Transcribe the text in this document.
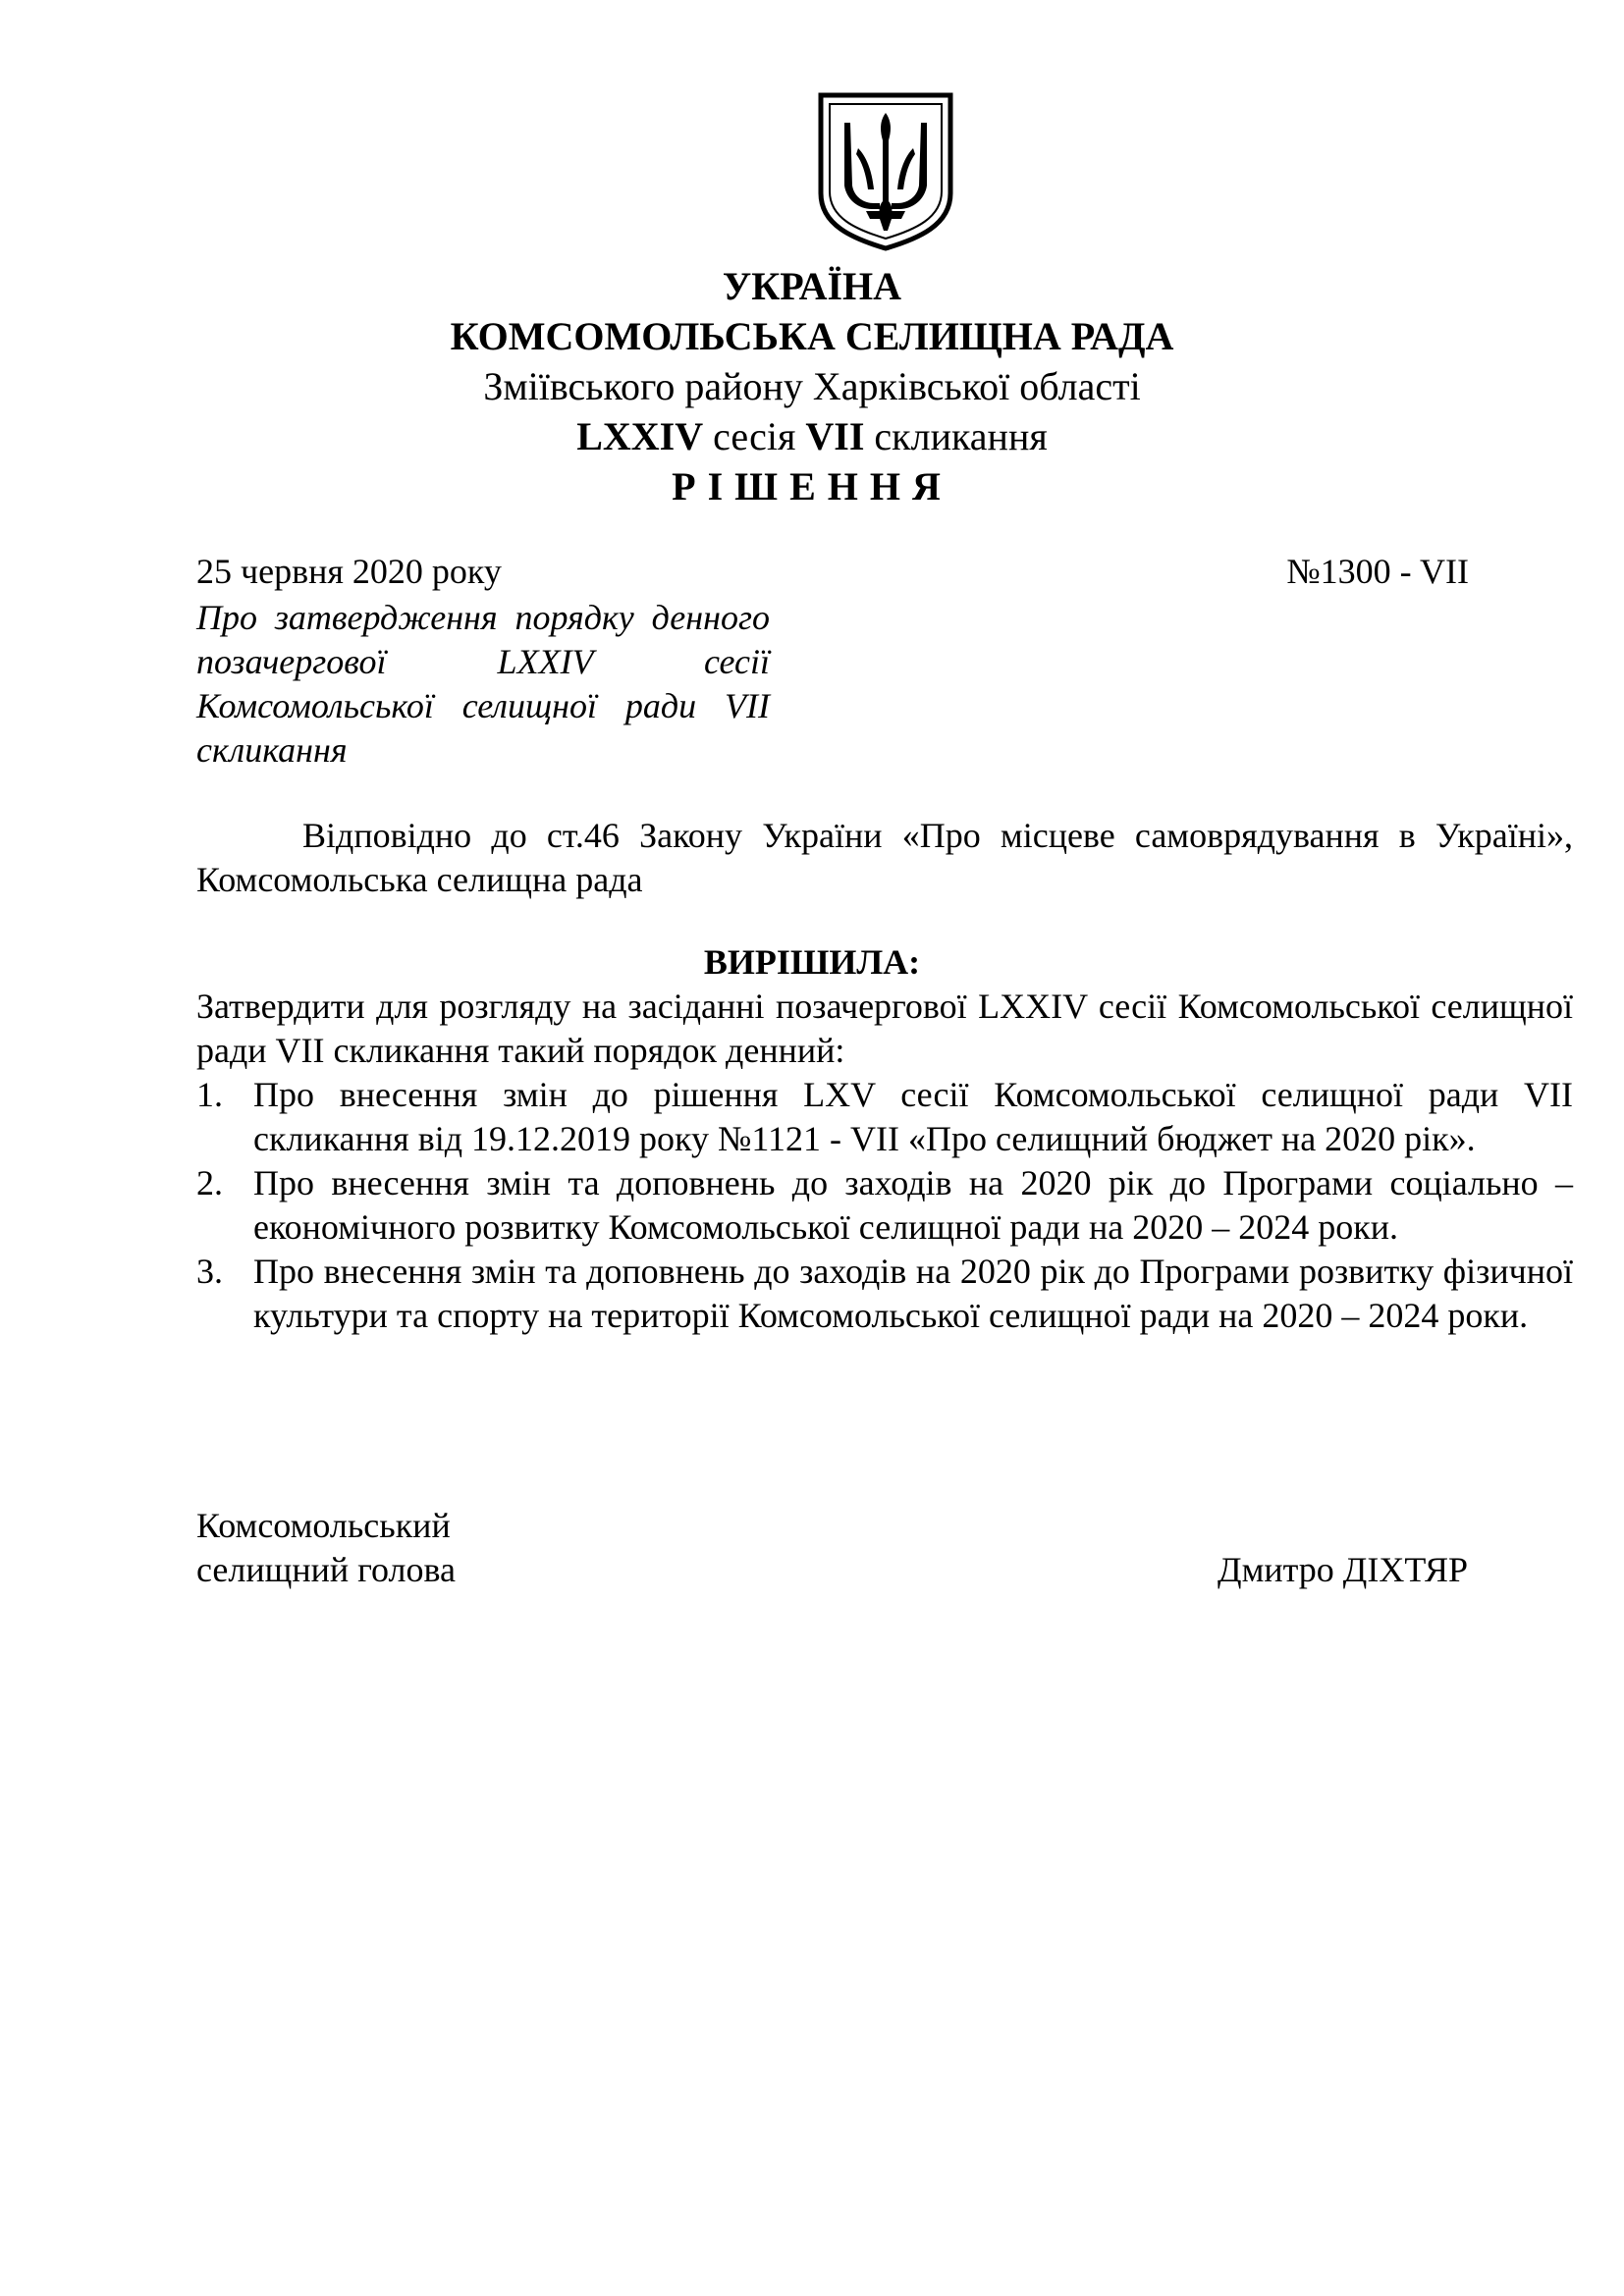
УКРАЇНА
КОМСОМОЛЬСЬКА СЕЛИЩНА РАДА
Зміївського району Харківської області
LXXIV сесія VII скликання
РІШЕННЯ
25 червня 2020 року	№1300 - VII
Про затвердження порядку денного позачергової LXXIV сесії Комсомольської селищної ради VII скликання
Відповідно до ст.46 Закону України «Про місцеве самоврядування в Україні», Комсомольська селищна рада
ВИРІШИЛА:
Затвердити для розгляду на засіданні позачергової LXXIV сесії Комсомольської селищної ради VII скликання такий порядок денний:
1. Про внесення змін до рішення LXV сесії Комсомольської селищної ради VII скликання від 19.12.2019 року №1121 - VII «Про селищний бюджет на 2020 рік».
2. Про внесення змін та доповнень до заходів на 2020 рік до Програми соціально – економічного розвитку Комсомольської селищної ради на 2020 – 2024 роки.
3. Про внесення змін та доповнень до заходів на 2020 рік до Програми розвитку фізичної культури та спорту на території Комсомольської селищної ради на 2020 – 2024 роки.
Комсомольський
селищний голова	Дмитро ДІХТЯР
